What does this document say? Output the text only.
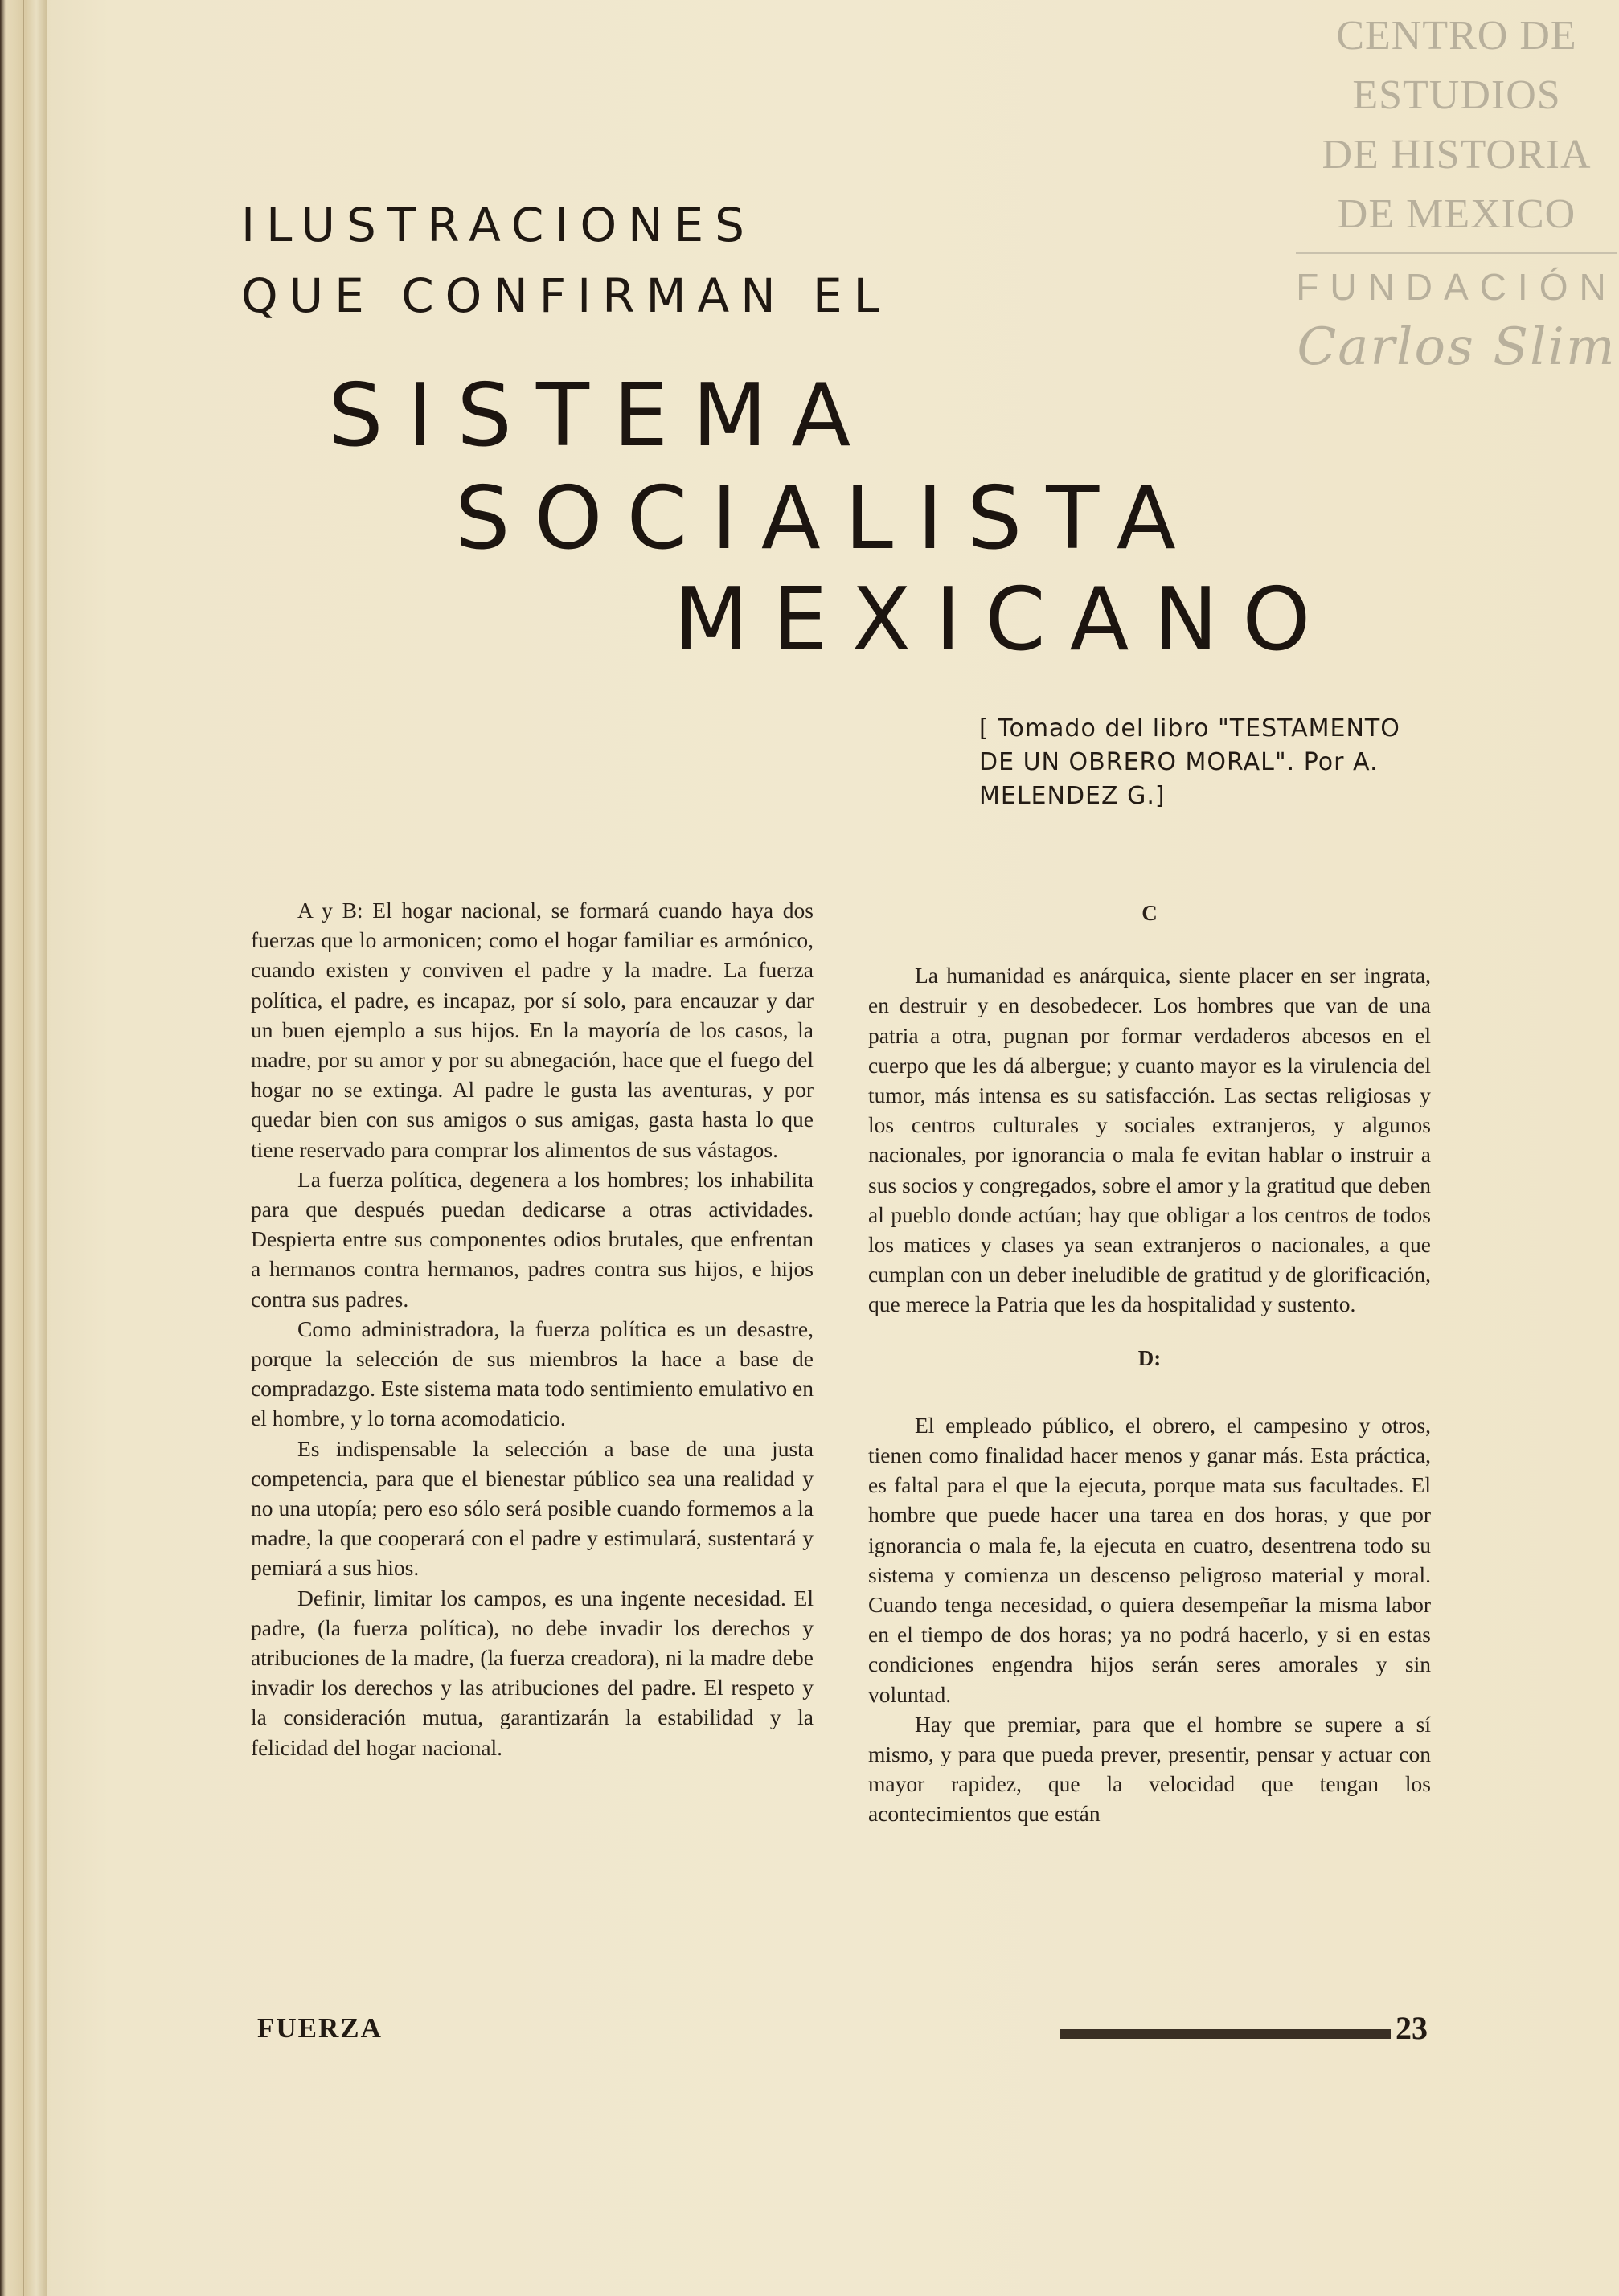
CENTRO DE
ESTUDIOS
DE HISTORIA
DE MEXICO
FUNDACIÓN
Carlos Slim
ILUSTRACIONES
QUE CONFIRMAN EL
SISTEMA
SOCIALISTA
MEXICANO
[ Tomado del libro "TESTAMENTO DE UN OBRERO MORAL". Por A. MELENDEZ G.]

A y B: El hogar nacional, se formará cuando haya dos fuerzas que lo armonicen; como el hogar familiar es armónico, cuando existen y conviven el padre y la madre. La fuerza política, el padre, es incapaz, por sí solo, para encauzar y dar un buen ejemplo a sus hijos. En la mayoría de los casos, la madre, por su amor y por su abnegación, hace que el fuego del hogar no se extinga. Al padre le gusta las aventuras, y por quedar bien con sus amigos o sus amigas, gasta hasta lo que tiene reservado para comprar los alimentos de sus vástagos.

La fuerza política, degenera a los hombres; los inhabilita para que después puedan dedicarse a otras actividades. Despierta entre sus componentes odios brutales, que enfrentan a hermanos contra hermanos, padres contra sus hijos, e hijos contra sus padres.

Como administradora, la fuerza política es un desastre, porque la selección de sus miembros la hace a base de compradazgo. Este sistema mata todo sentimiento emulativo en el hombre, y lo torna acomodaticio.

Es indispensable la selección a base de una justa competencia, para que el bienestar público sea una realidad y no una utopía; pero eso sólo será posible cuando formemos a la madre, la que cooperará con el padre y estimulará, sustentará y pemiará a sus hios.

Definir, limitar los campos, es una ingente necesidad. El padre, (la fuerza política), no debe invadir los derechos y atribuciones de la madre, (la fuerza creadora), ni la madre debe invadir los derechos y las atribuciones del padre. El respeto y la consideración mutua, garantizarán la estabilidad y la felicidad del hogar nacional.

C

La humanidad es anárquica, siente placer en ser ingrata, en destruir y en desobedecer. Los hombres que van de una patria a otra, pugnan por formar verdaderos abcesos en el cuerpo que les dá albergue; y cuanto mayor es la virulencia del tumor, más intensa es su satisfacción. Las sectas religiosas y los centros culturales y sociales extranjeros, y algunos nacionales, por ignorancia o mala fe evitan hablar o instruir a sus socios y congregados, sobre el amor y la gratitud que deben al pueblo donde actúan; hay que obligar a los centros de todos los matices y clases ya sean extranjeros o nacionales, a que cumplan con un deber ineludible de gratitud y de glorificación, que merece la Patria que les da hospitalidad y sustento.

D:

El empleado público, el obrero, el campesino y otros, tienen como finalidad hacer menos y ganar más. Esta práctica, es faltal para el que la ejecuta, porque mata sus facultades. El hombre que puede hacer una tarea en dos horas, y que por ignorancia o mala fe, la ejecuta en cuatro, desentrena todo su sistema y comienza un descenso peligroso material y moral. Cuando tenga necesidad, o quiera desempeñar la misma labor en el tiempo de dos horas; ya no podrá hacerlo, y si en estas condiciones engendra hijos serán seres amorales y sin voluntad.

Hay que premiar, para que el hombre se supere a sí mismo, y para que pueda prever, presentir, pensar y actuar con mayor rapidez, que la velocidad que tengan los acontecimientos que están

FUERZA	23
